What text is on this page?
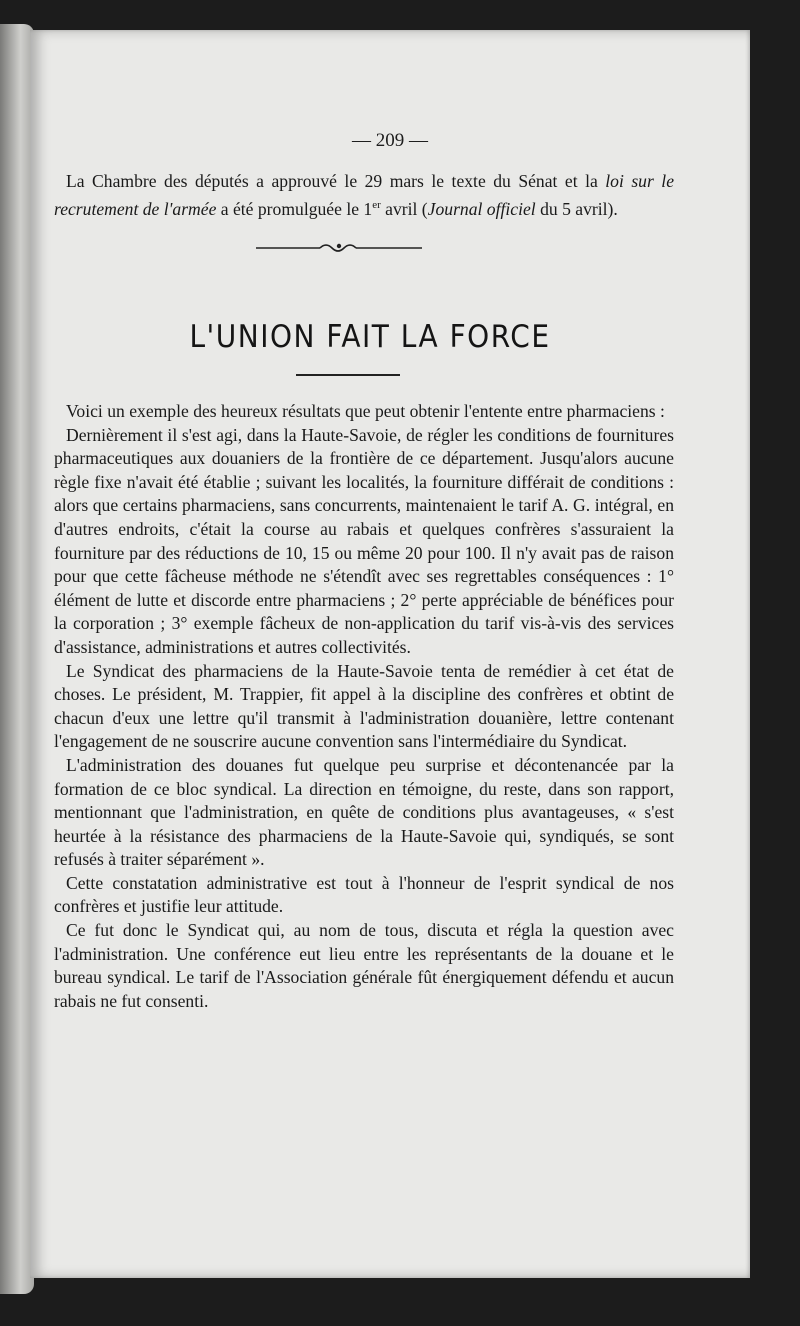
— 209 —

La Chambre des députés a approuvé le 29 mars le texte du Sénat et la loi sur le recrutement de l'armée a été promulguée le 1er avril (Journal officiel du 5 avril).

L'UNION FAIT LA FORCE

Voici un exemple des heureux résultats que peut obtenir l'entente entre pharmaciens :

Dernièrement il s'est agi, dans la Haute-Savoie, de régler les conditions de fournitures pharmaceutiques aux douaniers de la frontière de ce département. Jusqu'alors aucune règle fixe n'avait été établie ; suivant les localités, la fourniture différait de conditions : alors que certains pharmaciens, sans concurrents, maintenaient le tarif A. G. intégral, en d'autres endroits, c'était la course au rabais et quelques confrères s'assuraient la fourniture par des réductions de 10, 15 ou même 20 pour 100. Il n'y avait pas de raison pour que cette fâcheuse méthode ne s'étendît avec ses regrettables conséquences : 1° élément de lutte et discorde entre pharmaciens ; 2° perte appréciable de bénéfices pour la corporation ; 3° exemple fâcheux de non-application du tarif vis-à-vis des services d'assistance, administrations et autres collectivités.

Le Syndicat des pharmaciens de la Haute-Savoie tenta de remédier à cet état de choses. Le président, M. Trappier, fit appel à la discipline des confrères et obtint de chacun d'eux une lettre qu'il transmit à l'administration douanière, lettre contenant l'engagement de ne souscrire aucune convention sans l'intermédiaire du Syndicat.

L'administration des douanes fut quelque peu surprise et décontenancée par la formation de ce bloc syndical. La direction en témoigne, du reste, dans son rapport, mentionnant que l'administration, en quête de conditions plus avantageuses, « s'est heurtée à la résistance des pharmaciens de la Haute-Savoie qui, syndiqués, se sont refusés à traiter séparément ».

Cette constatation administrative est tout à l'honneur de l'esprit syndical de nos confrères et justifie leur attitude.

Ce fut donc le Syndicat qui, au nom de tous, discuta et régla la question avec l'administration. Une conférence eut lieu entre les représentants de la douane et le bureau syndical. Le tarif de l'Association générale fût énergiquement défendu et aucun rabais ne fut consenti.
